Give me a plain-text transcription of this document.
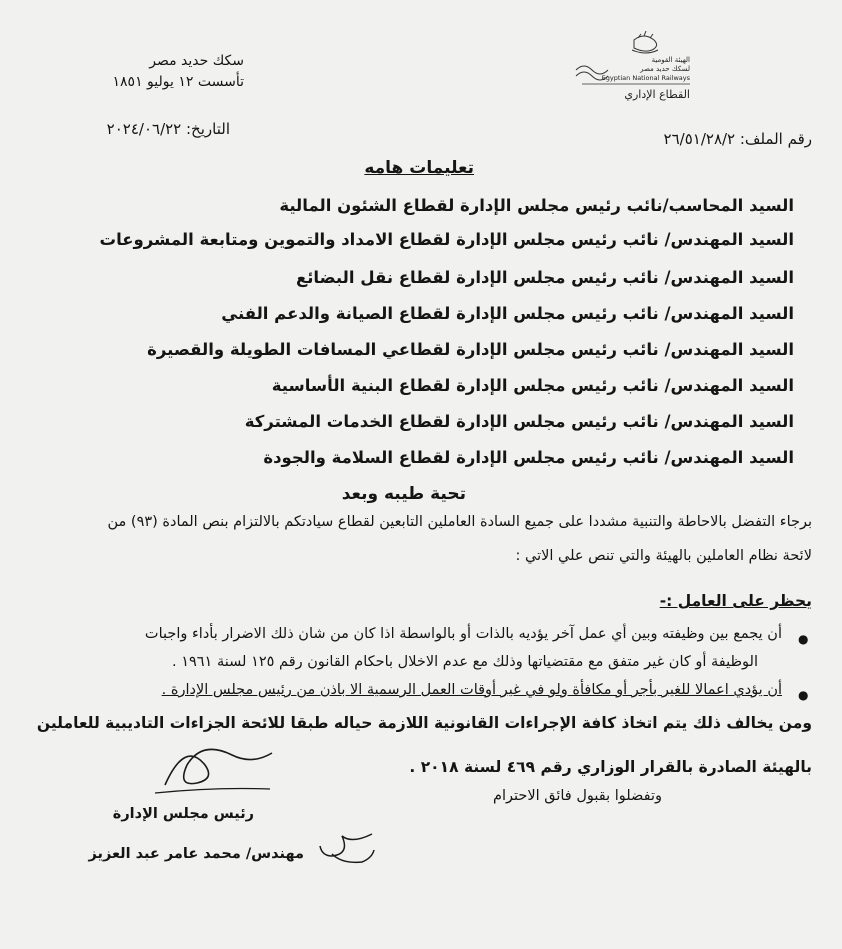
الهيئة القومية
لسكك حديد مصر
Egyptian National Railways
القطاع الإداري
سكك حديد مصر
تأسست ١٢ يوليو ١٨٥١
التاريخ: ٢٠٢٤/٠٦/٢٢
رقم الملف: ٢٦/٥١/٢٨/٢
تعليمات هامه
السيد المحاسب/نائب رئيس مجلس الإدارة لقطاع الشئون المالية
السيد المهندس/ نائب رئيس مجلس الإدارة لقطاع الامداد والتموين ومتابعة المشروعات
السيد المهندس/ نائب رئيس مجلس الإدارة لقطاع نقل البضائع
السيد المهندس/ نائب رئيس مجلس الإدارة لقطاع الصيانة والدعم الفني
السيد المهندس/ نائب رئيس مجلس الإدارة لقطاعي المسافات الطويلة والقصيرة
السيد المهندس/ نائب رئيس مجلس الإدارة لقطاع البنية الأساسية
السيد المهندس/ نائب رئيس مجلس الإدارة لقطاع الخدمات المشتركة
السيد المهندس/ نائب رئيس مجلس الإدارة لقطاع السلامة والجودة
تحية طيبه وبعد
برجاء التفضل بالاحاطة والتنبية مشددا على جميع السادة العاملين التابعين لقطاع سيادتكم بالالتزام بنص المادة (٩٣) من
لائحة نظام العاملين بالهيئة والتي تنص علي الاتي :
يحظر على العامل :-
●
أن يجمع بين وظيفته وبين أي عمل آخر يؤديه بالذات أو بالواسطة اذا كان من شان ذلك الاضرار بأداء واجبات
الوظيفة أو كان غير متفق مع مقتضياتها وذلك مع عدم الاخلال باحكام القانون رقم ١٢٥ لسنة ١٩٦١ .
●
أن يؤدي اعمالا للغير بأجر أو مكافأة ولو في غير أوقات العمل الرسمية الا باذن من رئيس مجلس الإدارة .
ومن يخالف ذلك يتم اتخاذ كافة الإجراءات القانونية اللازمة حياله طبقا للائحة الجزاءات التاديبية للعاملين
بالهيئة الصادرة بالقرار الوزاري رقم ٤٦٩ لسنة ٢٠١٨ .
وتفضلوا بقبول فائق الاحترام
رئيس مجلس الإدارة
مهندس/ محمد عامر عبد العزيز
